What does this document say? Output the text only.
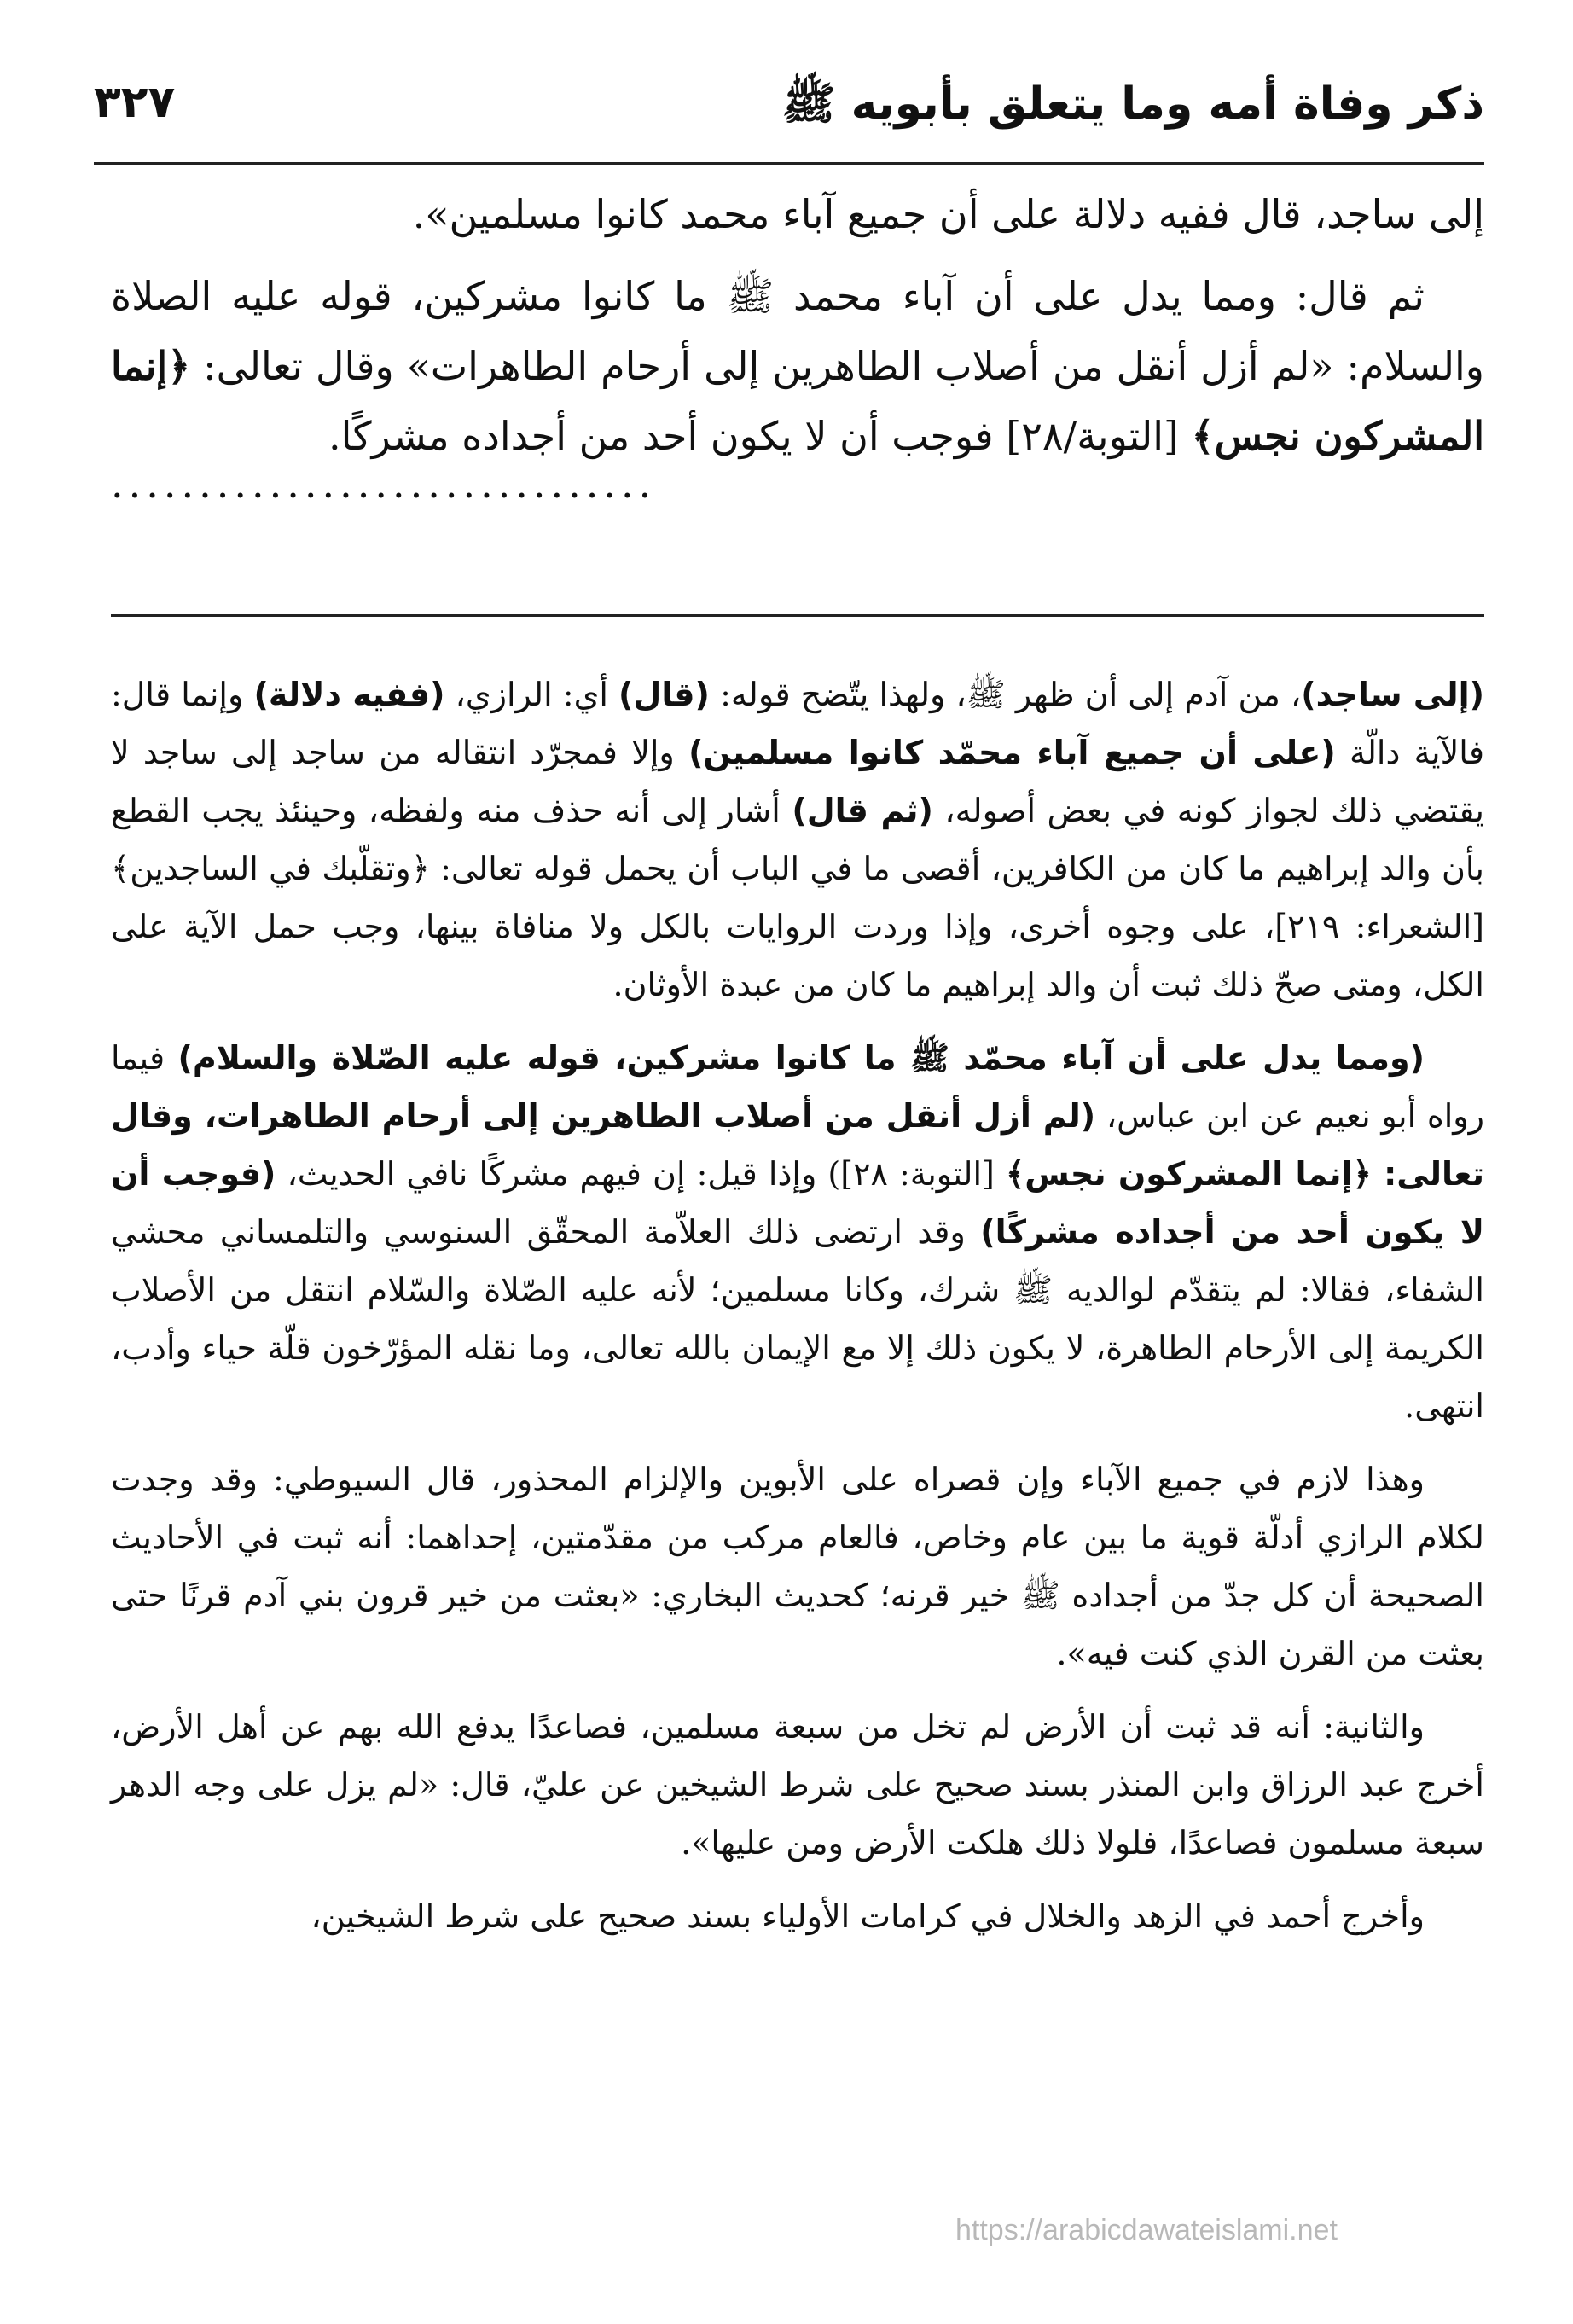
ذكر وفاة أمه وما يتعلق بأبويه ﷺ
٣٢٧

إلى ساجد، قال ففيه دلالة على أن جميع آباء محمد كانوا مسلمين».

ثم قال: ومما يدل على أن آباء محمد ﷺ ما كانوا مشركين، قوله عليه الصلاة والسلام: «لم أزل أنقل من أصلاب الطاهرين إلى أرحام الطاهرات» وقال تعالى: ﴿إنما المشركون نجس﴾ [التوبة/٢٨] فوجب أن لا يكون أحد من أجداده مشركًا.

...............................

(إلى ساجد)، من آدم إلى أن ظهر ﷺ، ولهذا يتّضح قوله: (قال) أي: الرازي، (ففيه دلالة) وإنما قال: فالآية دالّة (على أن جميع آباء محمّد كانوا مسلمين) وإلا فمجرّد انتقاله من ساجد إلى ساجد لا يقتضي ذلك لجواز كونه في بعض أصوله، (ثم قال) أشار إلى أنه حذف منه ولفظه، وحينئذ يجب القطع بأن والد إبراهيم ما كان من الكافرين، أقصى ما في الباب أن يحمل قوله تعالى: ﴿وتقلّبك في الساجدين﴾ [الشعراء: ٢١٩]، على وجوه أخرى، وإذا وردت الروايات بالكل ولا منافاة بينها، وجب حمل الآية على الكل، ومتى صحّ ذلك ثبت أن والد إبراهيم ما كان من عبدة الأوثان.

(ومما يدل على أن آباء محمّد ﷺ ما كانوا مشركين، قوله عليه الصّلاة والسلام) فيما رواه أبو نعيم عن ابن عباس، (لم أزل أنقل من أصلاب الطاهرين إلى أرحام الطاهرات، وقال تعالى: ﴿إنما المشركون نجس﴾ [التوبة: ٢٨]) وإذا قيل: إن فيهم مشركًا نافي الحديث، (فوجب أن لا يكون أحد من أجداده مشركًا) وقد ارتضى ذلك العلاّمة المحقّق السنوسي والتلمساني محشي الشفاء، فقالا: لم يتقدّم لوالديه ﷺ شرك، وكانا مسلمين؛ لأنه عليه الصّلاة والسّلام انتقل من الأصلاب الكريمة إلى الأرحام الطاهرة، لا يكون ذلك إلا مع الإيمان بالله تعالى، وما نقله المؤرّخون قلّة حياء وأدب، انتهى.

وهذا لازم في جميع الآباء وإن قصراه على الأبوين والإلزام المحذور، قال السيوطي: وقد وجدت لكلام الرازي أدلّة قوية ما بين عام وخاص، فالعام مركب من مقدّمتين، إحداهما: أنه ثبت في الأحاديث الصحيحة أن كل جدّ من أجداده ﷺ خير قرنه؛ كحديث البخاري: «بعثت من خير قرون بني آدم قرنًا حتى بعثت من القرن الذي كنت فيه».

والثانية: أنه قد ثبت أن الأرض لم تخل من سبعة مسلمين، فصاعدًا يدفع الله بهم عن أهل الأرض، أخرج عبد الرزاق وابن المنذر بسند صحيح على شرط الشيخين عن عليّ، قال: «لم يزل على وجه الدهر سبعة مسلمون فصاعدًا، فلولا ذلك هلكت الأرض ومن عليها».

وأخرج أحمد في الزهد والخلال في كرامات الأولياء بسند صحيح على شرط الشيخين،

https://arabicdawateislami.net
